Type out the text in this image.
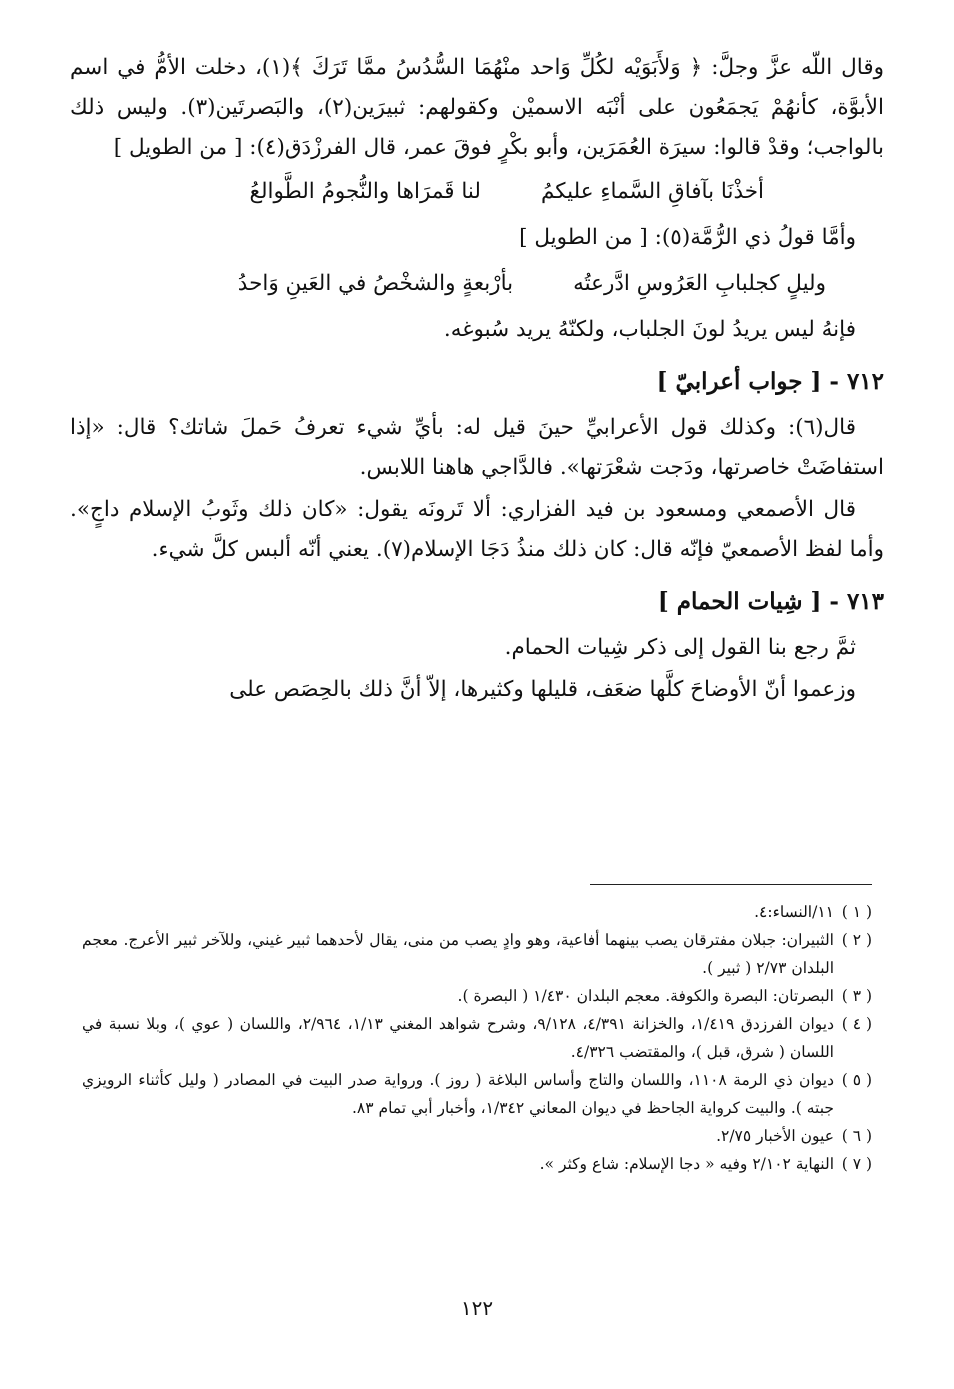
وقال اللّه عزَّ وجلَّ: ﴿ وَلأَبَوَيْه لكُلِّ وَاحد منْهُمَا السُّدُسُ ممَّا تَرَكَ ﴾(١)، دخلت الأمُّ في اسم الأبوَّة، كأنهُمْ يَجمَعُون على أنْبَه الاسميْن وكقولهم: ثبيرَين(٢)، والبَصرتَين(٣). وليس ذلك بالواجب؛ وقدْ قالوا: سيرَة العُمَرَين، وأبو بكْرٍ فوقَ عمر، قال الفرزْدَق(٤): [ من الطويل ]

أخذْنَا بآفاقِ السَّماءِ عليكمُ
لنا قَمرَاها والنُّجومُ الطَّوالعُ

وأمَّا قولُ ذي الرُّمَّة(٥): [ من الطويل ]

وليلٍ كجلبابِ العَرُوسِ ادَّرعتُه
بأرْبعةٍ والشخْصُ في العَينِ وَاحدُ

فإنهُ ليس يريدُ لونَ الجلباب، ولكنّهُ يريد سُبوغه.

٧١٢ - [ جواب أعرابيّ ]

قال(٦): وكذلك قول الأعرابيِّ حينَ قيل له: بأيِّ شيء تعرفُ حَملَ شاتك؟ قال: «إذا استفاضَتْ خاصرتها، ودَجت شعْرَتها». فالدَّاجي هاهنا اللابس.

قال الأصمعي ومسعود بن فيد الفزاري: ألا تَرونَه يقول: «كان ذلك وثَوبُ الإسلام داجٍ». وأما لفظ الأصمعيّ فإنّه قال: كان ذلك منذُ دَجَا الإسلام(٧). يعني أنّه ألبس كلَّ شيء.

٧١٣ - [ شِيات الحمام ]

ثمَّ رجع بنا القول إلى ذكر شِيات الحمام.

وزعموا أنّ الأوضاحَ كلَّها ضعَف، قليلها وكثيرها، إلاّ أنَّ ذلك بالحِصَص على

( ١ )
١١/النساء:٤.
( ٢ )
الثبيران: جبلان مفترقان يصب بينهما أفاعية، وهو وادٍ يصب من منى، يقال لأحدهما ثبير غيني، وللآخر ثبير الأعرج. معجم البلدان ٢/٧٣ ( ثبير ).
( ٣ )
البصرتان: البصرة والكوفة. معجم البلدان ١/٤٣٠ ( البصرة ).
( ٤ )
ديوان الفرزدق ١/٤١٩، والخزانة ٤/٣٩١، ٩/١٢٨، وشرح شواهد المغني ١/١٣، ٢/٩٦٤، واللسان ( عوي )، وبلا نسبة في اللسان ( شرق، قبل )، والمقتضب ٤/٣٢٦.
( ٥ )
ديوان ذي الرمة ١١٠٨، واللسان والتاج وأساس البلاغة ( روز ). ورواية صدر البيت في المصادر ( وليل كأثناء الرويزي جبته ). والبيت كرواية الجاحظ في ديوان المعاني ١/٣٤٢، وأخبار أبي تمام ٨٣.
( ٦ )
عيون الأخبار ٢/٧٥.
( ٧ )
النهاية ٢/١٠٢ وفيه « دجا الإسلام: شاع وكثر ».
١٢٢
